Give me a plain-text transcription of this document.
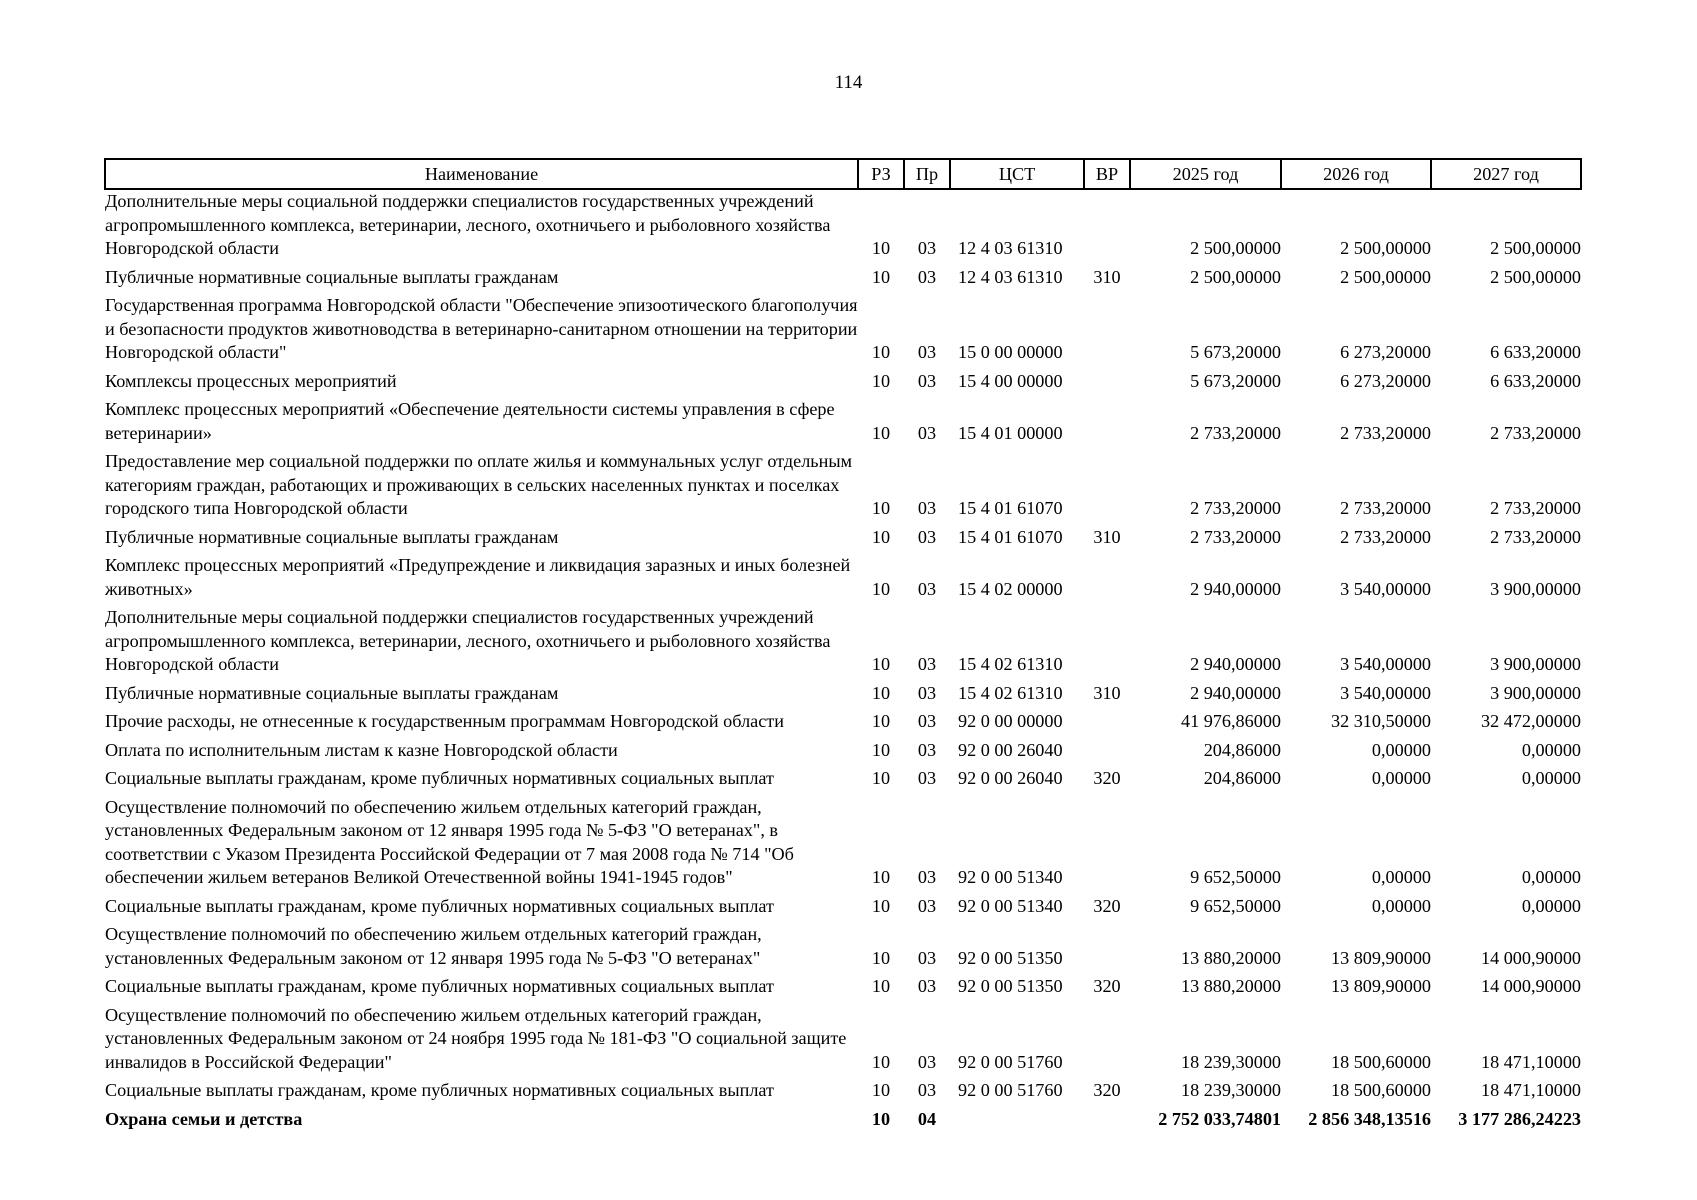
114
Наименование	РЗ	Пр	ЦСТ	ВР	2025 год	2026 год	2027 год
Дополнительные меры социальной поддержки специалистов государственных учреждений агропромышленного комплекса, ветеринарии, лесного, охотничьего и рыболовного хозяйства Новгородской области	10	03	12 4 03 61310		2 500,00000	2 500,00000	2 500,00000
Публичные нормативные социальные выплаты гражданам	10	03	12 4 03 61310	310	2 500,00000	2 500,00000	2 500,00000
Государственная программа Новгородской области "Обеспечение эпизоотического благополучия и безопасности продуктов животноводства в ветеринарно-санитарном отношении на территории Новгородской области"	10	03	15 0 00 00000		5 673,20000	6 273,20000	6 633,20000
Комплексы процессных мероприятий	10	03	15 4 00 00000		5 673,20000	6 273,20000	6 633,20000
Комплекс процессных мероприятий «Обеспечение деятельности системы управления в сфере ветеринарии»	10	03	15 4 01 00000		2 733,20000	2 733,20000	2 733,20000
Предоставление мер социальной поддержки по оплате жилья и коммунальных услуг отдельным категориям граждан, работающих и проживающих в сельских населенных пунктах и поселках городского типа Новгородской области	10	03	15 4 01 61070		2 733,20000	2 733,20000	2 733,20000
Публичные нормативные социальные выплаты гражданам	10	03	15 4 01 61070	310	2 733,20000	2 733,20000	2 733,20000
Комплекс процессных мероприятий «Предупреждение и ликвидация заразных и иных болезней животных»	10	03	15 4 02 00000		2 940,00000	3 540,00000	3 900,00000
Дополнительные меры социальной поддержки специалистов государственных учреждений агропромышленного комплекса, ветеринарии, лесного, охотничьего и рыболовного хозяйства Новгородской области	10	03	15 4 02 61310		2 940,00000	3 540,00000	3 900,00000
Публичные нормативные социальные выплаты гражданам	10	03	15 4 02 61310	310	2 940,00000	3 540,00000	3 900,00000
Прочие расходы, не отнесенные к государственным программам Новгородской области	10	03	92 0 00 00000		41 976,86000	32 310,50000	32 472,00000
Оплата по исполнительным листам к казне Новгородской области	10	03	92 0 00 26040		204,86000	0,00000	0,00000
Социальные выплаты гражданам, кроме публичных нормативных социальных выплат	10	03	92 0 00 26040	320	204,86000	0,00000	0,00000
Осуществление полномочий по обеспечению жильем отдельных категорий граждан, установленных Федеральным законом от 12 января 1995 года № 5-ФЗ "О ветеранах", в соответствии с Указом Президента Российской Федерации от 7 мая 2008 года № 714 "Об обеспечении жильем ветеранов Великой Отечественной войны 1941-1945 годов"	10	03	92 0 00 51340		9 652,50000	0,00000	0,00000
Социальные выплаты гражданам, кроме публичных нормативных социальных выплат	10	03	92 0 00 51340	320	9 652,50000	0,00000	0,00000
Осуществление полномочий по обеспечению жильем отдельных категорий граждан, установленных Федеральным законом от 12 января 1995 года № 5-ФЗ "О ветеранах"	10	03	92 0 00 51350		13 880,20000	13 809,90000	14 000,90000
Социальные выплаты гражданам, кроме публичных нормативных социальных выплат	10	03	92 0 00 51350	320	13 880,20000	13 809,90000	14 000,90000
Осуществление полномочий по обеспечению жильем отдельных категорий граждан, установленных Федеральным законом от 24 ноября 1995 года № 181-ФЗ "О социальной защите инвалидов в Российской Федерации"	10	03	92 0 00 51760		18 239,30000	18 500,60000	18 471,10000
Социальные выплаты гражданам, кроме публичных нормативных социальных выплат	10	03	92 0 00 51760	320	18 239,30000	18 500,60000	18 471,10000
Охрана семьи и детства	10	04			2 752 033,74801	2 856 348,13516	3 177 286,24223
